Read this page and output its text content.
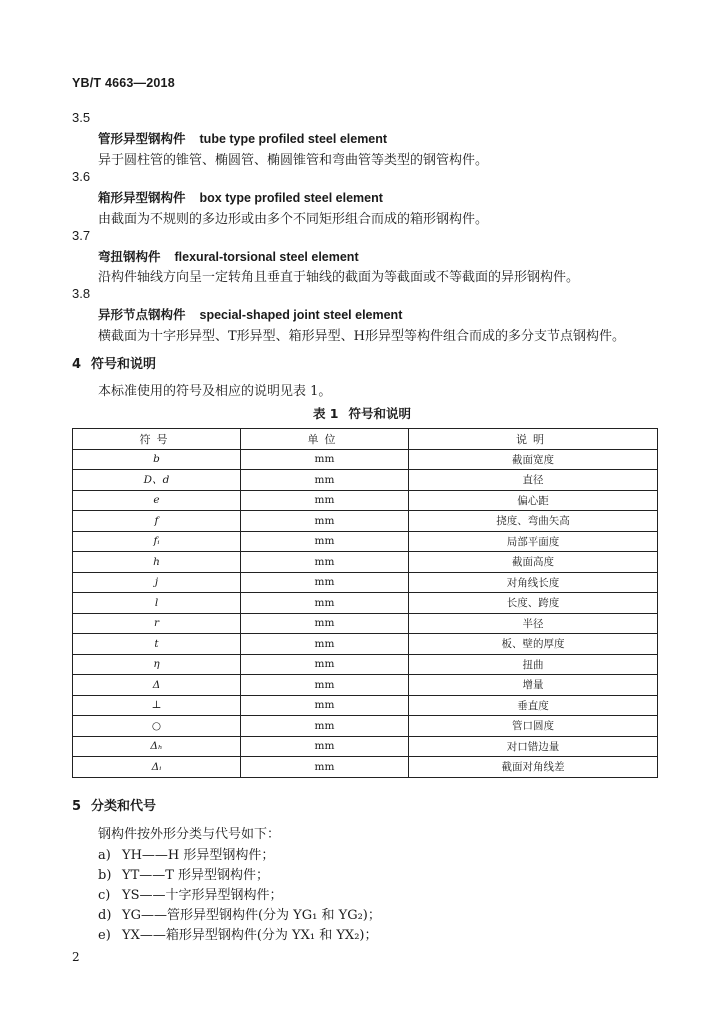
YB/T 4663—2018
3.5
管形异型钢构件 tube type profiled steel element
异于圆柱管的锥管、椭圆管、椭圆锥管和弯曲管等类型的钢管构件。
3.6
箱形异型钢构件 box type profiled steel element
由截面为不规则的多边形或由多个不同矩形组合而成的箱形钢构件。
3.7
弯扭钢构件 flexural-torsional steel element
沿构件轴线方向呈一定转角且垂直于轴线的截面为等截面或不等截面的异形钢构件。
3.8
异形节点钢构件 special-shaped joint steel element
横截面为十字形异型、T形异型、箱形异型、H形异型等构件组合而成的多分支节点钢构件。
4 符号和说明
本标准使用的符号及相应的说明见表 1。
表 1 符号和说明
符号	单位	说明
b	mm	截面宽度
D、d	mm	直径
e	mm	偏心距
f	mm	挠度、弯曲矢高
fᵢ	mm	局部平面度
h	mm	截面高度
j	mm	对角线长度
l	mm	长度、跨度
r	mm	半径
t	mm	板、壁的厚度
η	mm	扭曲
Δ	mm	增量
⊥	mm	垂直度
○	mm	管口圆度
Δₕ	mm	对口错边量
Δᵢ	mm	截面对角线差
5 分类和代号
钢构件按外形分类与代号如下：
a) YH——H 形异型钢构件；
b) YT——T 形异型钢构件；
c) YS——十字形异型钢构件；
d) YG——管形异型钢构件(分为 YG₁ 和 YG₂)；
e) YX——箱形异型钢构件(分为 YX₁ 和 YX₂)；
2
